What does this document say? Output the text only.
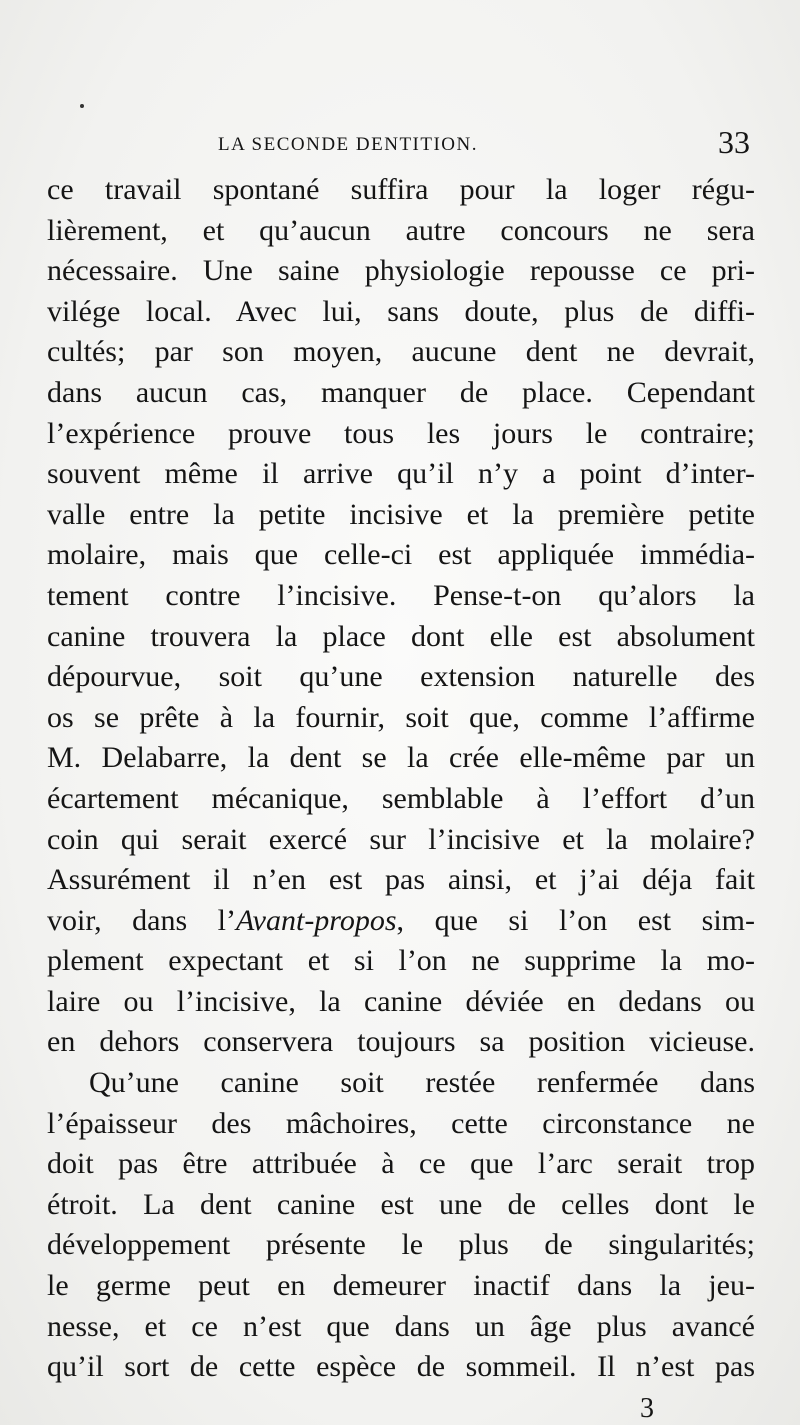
LA SECONDE DENTITION.	33
ce travail spontané suffira pour la loger régu-
lièrement, et qu’aucun autre concours ne sera
nécessaire. Une saine physiologie repousse ce pri-
vilége local. Avec lui, sans doute, plus de diffi-
cultés; par son moyen, aucune dent ne devrait,
dans aucun cas, manquer de place. Cependant
l’expérience prouve tous les jours le contraire;
souvent même il arrive qu’il n’y a point d’inter-
valle entre la petite incisive et la première petite
molaire, mais que celle-ci est appliquée immédia-
tement contre l’incisive. Pense-t-on qu’alors la
canine trouvera la place dont elle est absolument
dépourvue, soit qu’une extension naturelle des
os se prête à la fournir, soit que, comme l’affirme
M. Delabarre, la dent se la crée elle-même par un
écartement mécanique, semblable à l’effort d’un
coin qui serait exercé sur l’incisive et la molaire?
Assurément il n’en est pas ainsi, et j’ai déja fait
voir, dans l’Avant-propos, que si l’on est sim-
plement expectant et si l’on ne supprime la mo-
laire ou l’incisive, la canine déviée en dedans ou
en dehors conservera toujours sa position vicieuse.
Qu’une canine soit restée renfermée dans
l’épaisseur des mâchoires, cette circonstance ne
doit pas être attribuée à ce que l’arc serait trop
étroit. La dent canine est une de celles dont le
développement présente le plus de singularités;
le germe peut en demeurer inactif dans la jeu-
nesse, et ce n’est que dans un âge plus avancé
qu’il sort de cette espèce de sommeil. Il n’est pas
3
